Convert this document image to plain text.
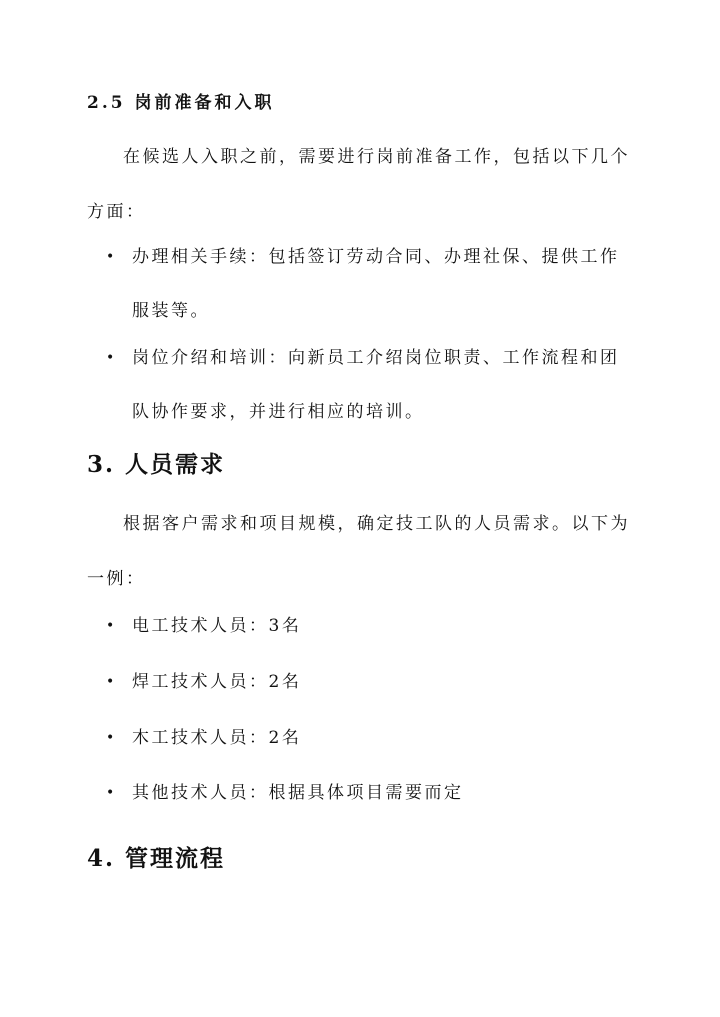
2.5 岗前准备和入职
在候选人入职之前，需要进行岗前准备工作，包括以下几个方面：
• 办理相关手续：包括签订劳动合同、办理社保、提供工作服装等。
• 岗位介绍和培训：向新员工介绍岗位职责、工作流程和团队协作要求，并进行相应的培训。
3. 人员需求
根据客户需求和项目规模，确定技工队的人员需求。以下为一例：
• 电工技术人员：3名
• 焊工技术人员：2名
• 木工技术人员：2名
• 其他技术人员：根据具体项目需要而定
4. 管理流程
